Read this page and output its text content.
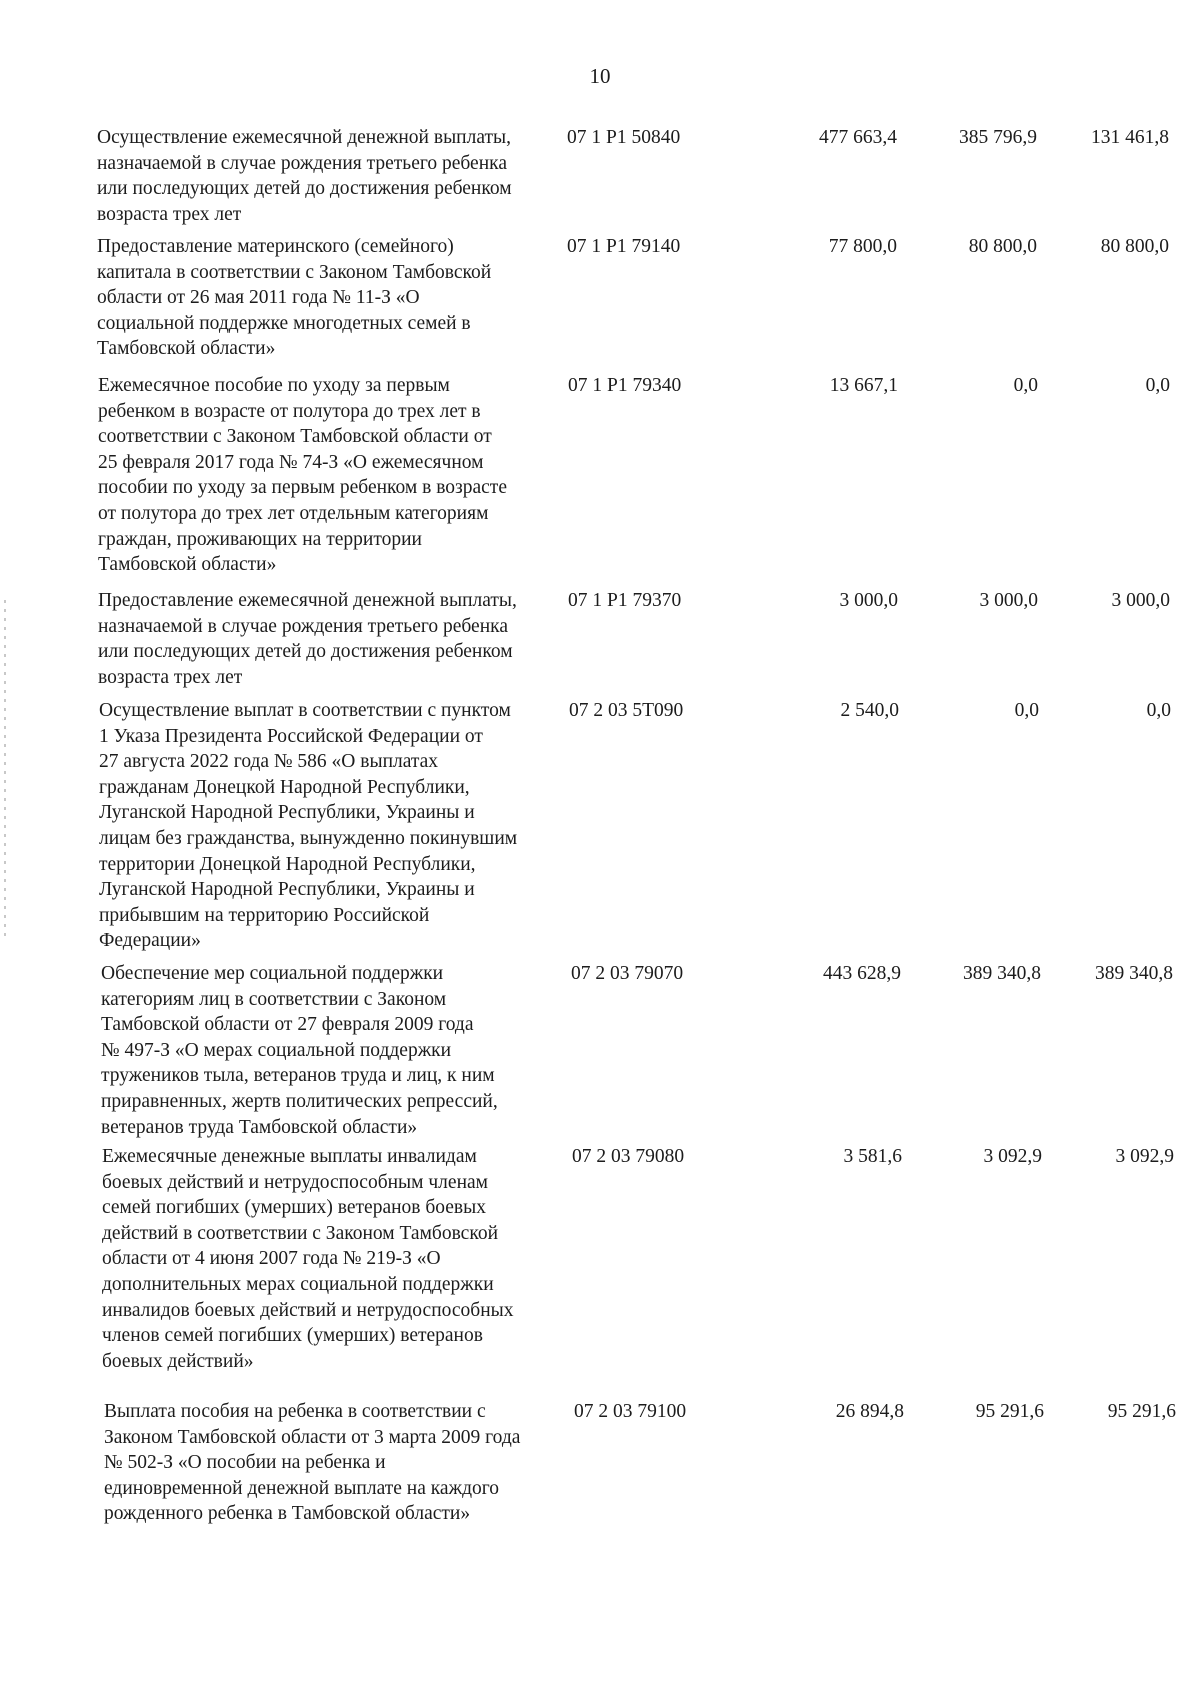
10
Осуществление ежемесячной денежной выплаты,
назначаемой в случае рождения третьего ребенка
или последующих детей до достижения ребенком
возраста трех лет
07 1 P1 50840	477 663,4	385 796,9	131 461,8
Предоставление материнского (семейного)
капитала в соответствии с Законом Тамбовской
области от 26 мая 2011 года № 11-З «О
социальной поддержке многодетных семей в
Тамбовской области»
07 1 P1 79140	77 800,0	80 800,0	80 800,0
Ежемесячное пособие по уходу за первым
ребенком в возрасте от полутора до трех лет в
соответствии с Законом Тамбовской области от
25 февраля 2017 года № 74-З «О ежемесячном
пособии по уходу за первым ребенком в возрасте
от полутора до трех лет отдельным категориям
граждан, проживающих на территории
Тамбовской области»
07 1 P1 79340	13 667,1	0,0	0,0
Предоставление ежемесячной денежной выплаты,
назначаемой в случае рождения третьего ребенка
или последующих детей до достижения ребенком
возраста трех лет
07 1 P1 79370	3 000,0	3 000,0	3 000,0
Осуществление выплат в соответствии с пунктом
1 Указа Президента Российской Федерации от
27 августа 2022 года № 586 «О выплатах
гражданам Донецкой Народной Республики,
Луганской Народной Республики, Украины и
лицам без гражданства, вынужденно покинувшим
территории Донецкой Народной Республики,
Луганской Народной Республики, Украины и
прибывшим на территорию Российской
Федерации»
07 2 03 5T090	2 540,0	0,0	0,0
Обеспечение мер социальной поддержки
категориям лиц в соответствии с Законом
Тамбовской области от 27 февраля 2009 года
№ 497-З «О мерах социальной поддержки
тружеников тыла, ветеранов труда и лиц, к ним
приравненных, жертв политических репрессий,
ветеранов труда Тамбовской области»
07 2 03 79070	443 628,9	389 340,8	389 340,8
Ежемесячные денежные выплаты инвалидам
боевых действий и нетрудоспособным членам
семей погибших (умерших) ветеранов боевых
действий в соответствии с Законом Тамбовской
области от 4 июня 2007 года № 219-З «О
дополнительных мерах социальной поддержки
инвалидов боевых действий и нетрудоспособных
членов семей погибших (умерших) ветеранов
боевых действий»
07 2 03 79080	3 581,6	3 092,9	3 092,9
Выплата пособия на ребенка в соответствии с
Законом Тамбовской области от 3 марта 2009 года
№ 502-З «О пособии на ребенка и
единовременной денежной выплате на каждого
рожденного ребенка в Тамбовской области»
07 2 03 79100	26 894,8	95 291,6	95 291,6
